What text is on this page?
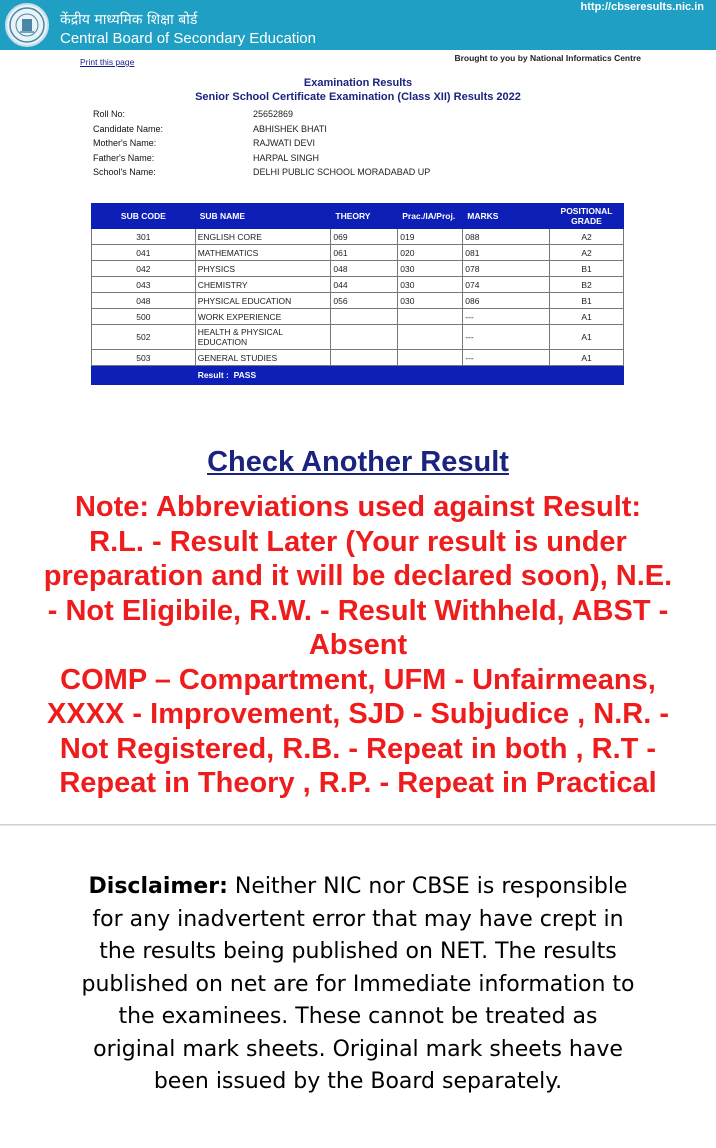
केंद्रीय माध्यमिक शिक्षा बोर्ड
Central Board of Secondary Education
http://cbseresults.nic.in
Print this page	Brought to you by National Informatics Centre
Examination Results
Senior School Certificate Examination (Class XII) Results 2022
Roll No:	25652869
Candidate Name:	ABHISHEK BHATI
Mother's Name:	RAJWATI DEVI
Father's Name:	HARPAL SINGH
School's Name:	DELHI PUBLIC SCHOOL MORADABAD UP
SUB CODE	SUB NAME	THEORY	Prac./IA/Proj.	MARKS	POSITIONAL GRADE
301	ENGLISH CORE	069	019	088	A2
041	MATHEMATICS	061	020	081	A2
042	PHYSICS	048	030	078	B1
043	CHEMISTRY	044	030	074	B2
048	PHYSICAL EDUCATION	056	030	086	B1
500	WORK EXPERIENCE			---	A1
502	HEALTH & PHYSICAL EDUCATION			---	A1
503	GENERAL STUDIES			---	A1
	Result : PASS				
Check Another Result
Note: Abbreviations used against Result:
R.L. - Result Later (Your result is under
preparation and it will be declared soon), N.E.
- Not Eligibile, R.W. - Result Withheld, ABST -
Absent
COMP – Compartment, UFM - Unfairmeans,
XXXX - Improvement, SJD - Subjudice , N.R. -
Not Registered, R.B. - Repeat in both , R.T -
Repeat in Theory , R.P. - Repeat in Practical
Disclaimer: Neither NIC nor CBSE is responsible for any inadvertent error that may have crept in the results being published on NET. The results published on net are for Immediate information to the examinees. These cannot be treated as original mark sheets. Original mark sheets have been issued by the Board separately.
